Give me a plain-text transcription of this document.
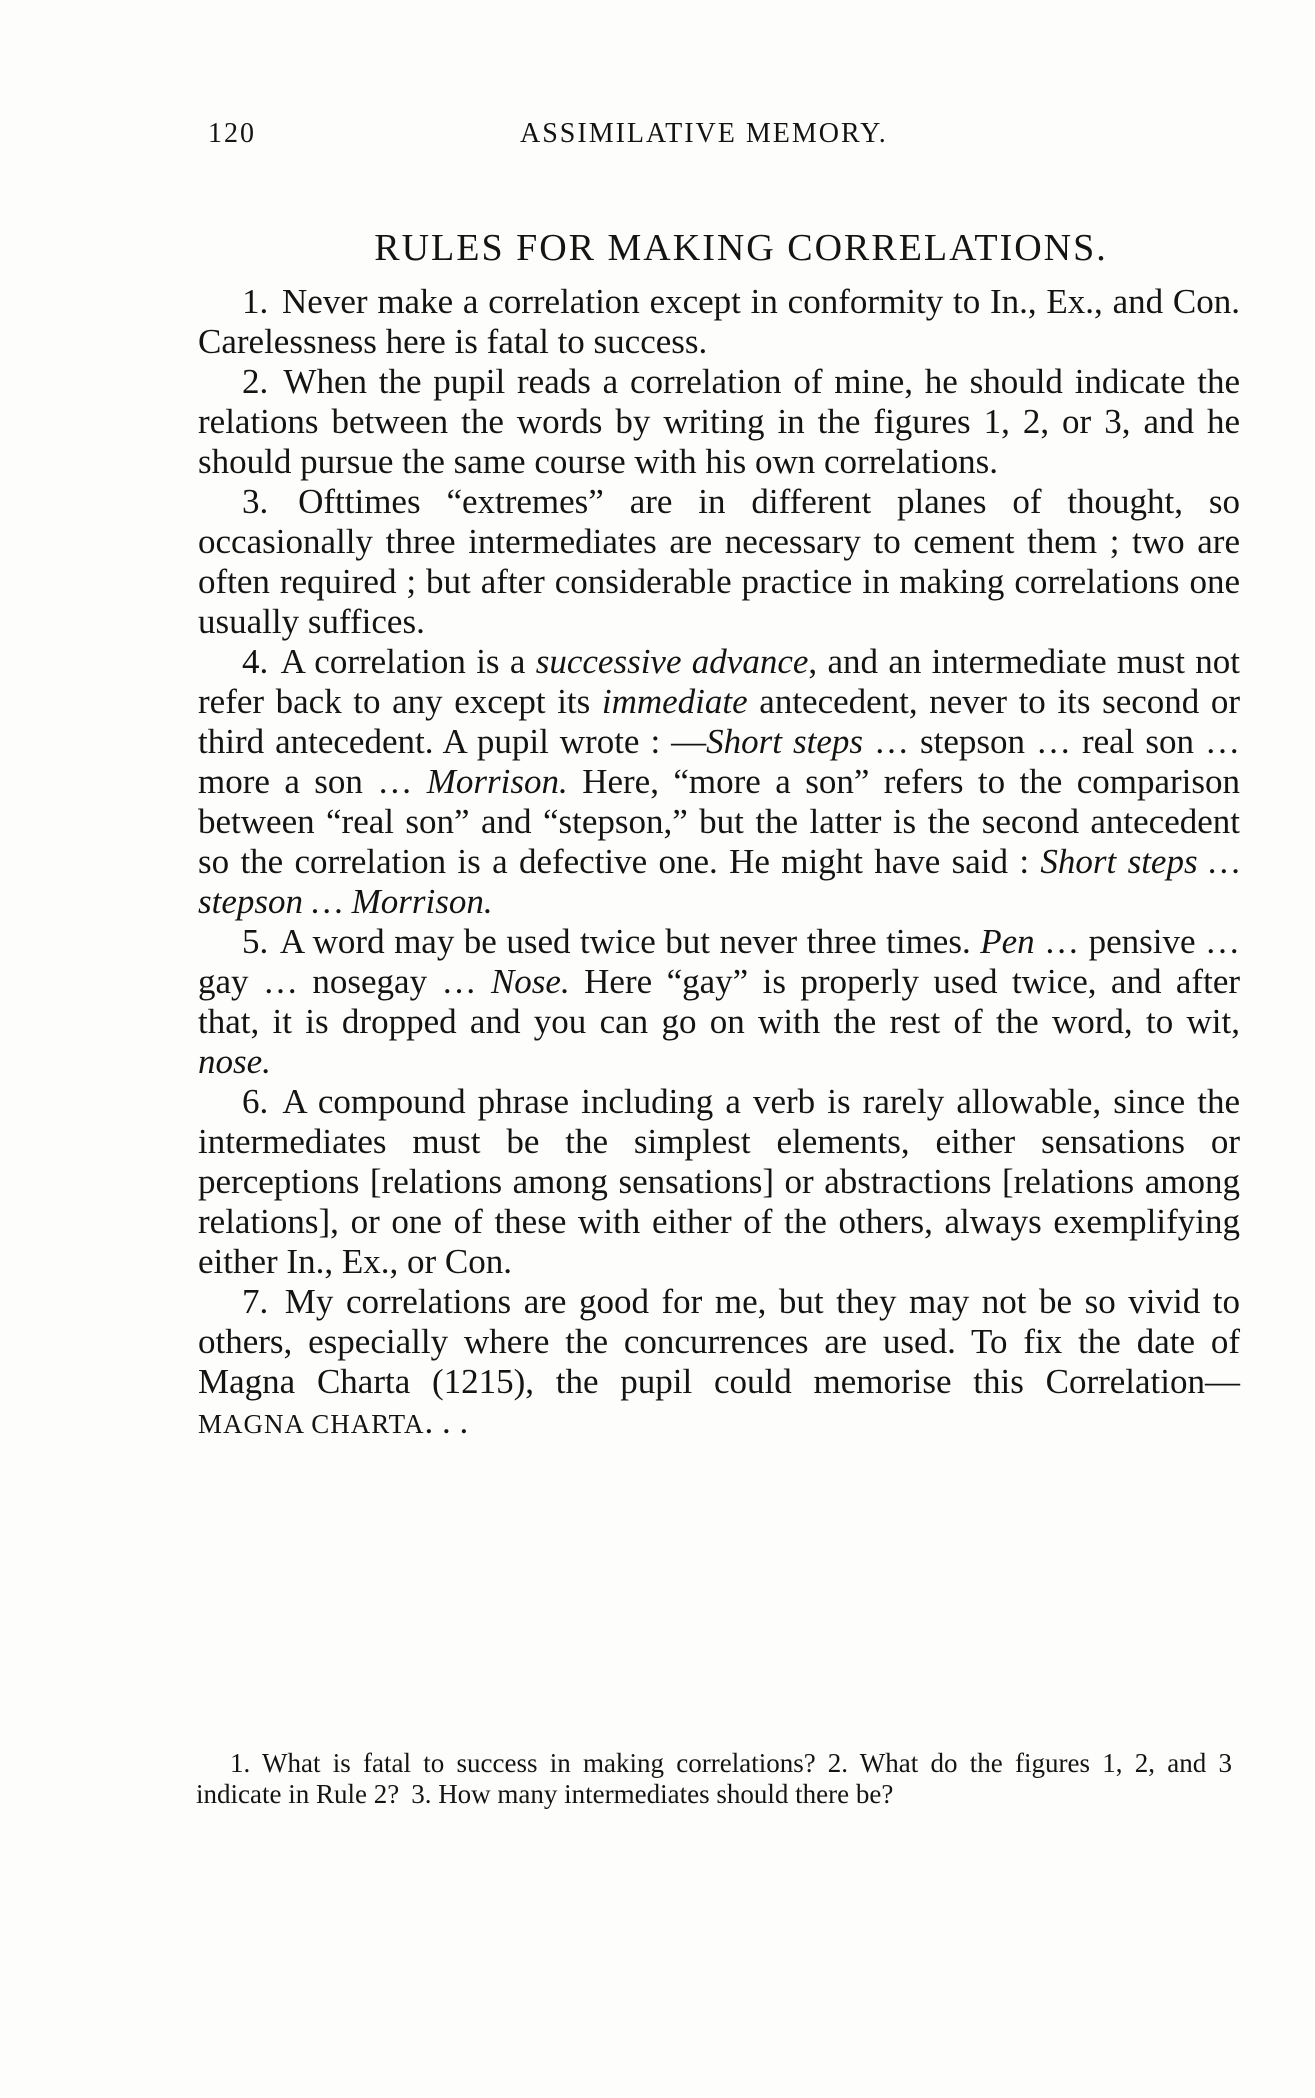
120	ASSIMILATIVE MEMORY.
RULES FOR MAKING CORRELATIONS.

1. Never make a correlation except in conformity to In., Ex., and Con. Carelessness here is fatal to success.

2. When the pupil reads a correlation of mine, he should indicate the relations between the words by writing in the figures 1, 2, or 3, and he should pursue the same course with his own correlations.

3. Ofttimes “extremes” are in different planes of thought, so occasionally three intermediates are necessary to cement them ; two are often required ; but after considerable practice in making correlations one usually suffices.

4. A correlation is a successive advance, and an intermediate must not refer back to any except its immediate antecedent, never to its second or third antecedent. A pupil wrote : —Short steps … stepson … real son … more a son … Morrison. Here, “more a son” refers to the comparison between “real son” and “stepson,” but the latter is the second antecedent so the correlation is a defective one. He might have said : Short steps … stepson … Morrison.

5. A word may be used twice but never three times. Pen … pensive … gay … nosegay … Nose. Here “gay” is properly used twice, and after that, it is dropped and you can go on with the rest of the word, to wit, nose.

6. A compound phrase including a verb is rarely allowable, since the intermediates must be the simplest elements, either sensations or perceptions [relations among sensations] or abstractions [relations among relations], or one of these with either of the others, always exemplifying either In., Ex., or Con.

7. My correlations are good for me, but they may not be so vivid to others, especially where the concurrences are used. To fix the date of Magna Charta (1215), the pupil could memorise this Correlation—MAGNA CHARTA. . .

1. What is fatal to success in making correlations? 2. What do the figures 1, 2, and 3 indicate in Rule 2? 3. How many intermediates should there be?
